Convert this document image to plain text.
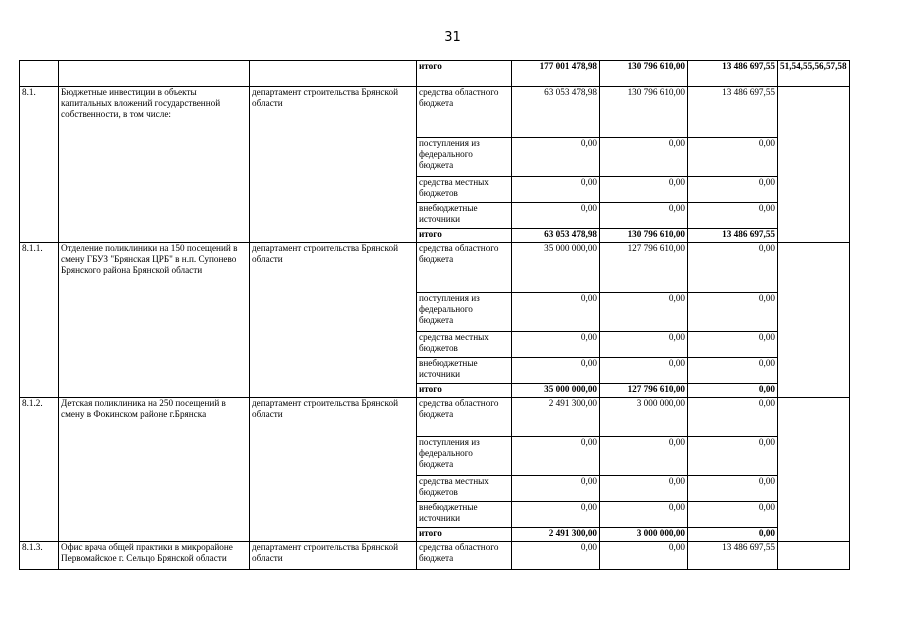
31
			итого	177 001 478,98	130 796 610,00	13 486 697,55	51,54,55,56,57,58
8.1.	Бюджетные инвестиции в объекты капитальных вложений государственной собственности, в том числе:	департамент строительства Брянской области	средства областного бюджета	63 053 478,98	130 796 610,00	13 486 697,55	
			поступления из федерального бюджета	0,00	0,00	0,00	
			средства местных бюджетов	0,00	0,00	0,00	
			внебюджетные источники	0,00	0,00	0,00	
			итого	63 053 478,98	130 796 610,00	13 486 697,55	
8.1.1.	Отделение поликлиники на 150 посещений в смену ГБУЗ "Брянская ЦРБ" в н.п. Супонево Брянского района Брянской области	департамент строительства Брянской области	средства областного бюджета	35 000 000,00	127 796 610,00	0,00	
			поступления из федерального бюджета	0,00	0,00	0,00	
			средства местных бюджетов	0,00	0,00	0,00	
			внебюджетные источники	0,00	0,00	0,00	
			итого	35 000 000,00	127 796 610,00	0,00	
8.1.2.	Детская поликлиника на 250 посещений в смену в Фокинском районе г.Брянска	департамент строительства Брянской области	средства областного бюджета	2 491 300,00	3 000 000,00	0,00	
			поступления из федерального бюджета	0,00	0,00	0,00	
			средства местных бюджетов	0,00	0,00	0,00	
			внебюджетные источники	0,00	0,00	0,00	
			итого	2 491 300,00	3 000 000,00	0,00	
8.1.3.	Офис врача общей практики в микрорайоне Первомайское г. Сельцо Брянской области	департамент строительства Брянской области	средства областного бюджета	0,00	0,00	13 486 697,55	
